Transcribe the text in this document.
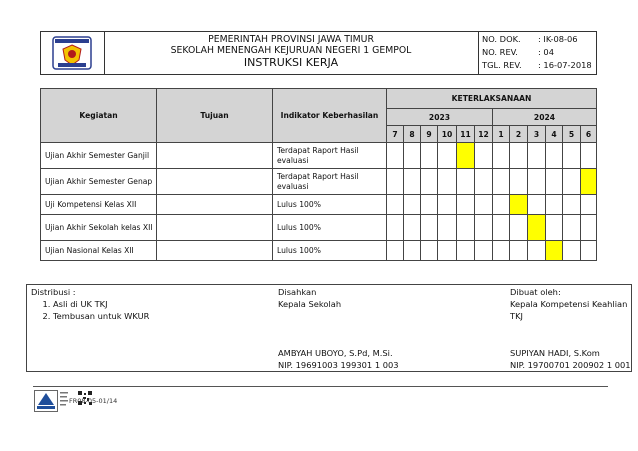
PEMERINTAH PROVINSI JAWA TIMUR
SEKOLAH MENENGAH KEJURUAN NEGERI 1 GEMPOL
INSTRUKSI KERJA
NO. DOK. : IK-08-06
NO. REV. : 04
TGL. REV. : 16-07-2018
Kegiatan	Tujuan	Indikator Keberhasilan	KETERLAKSANAAN											
			2023						2024					
			7	8	9	10	11	12	1	2	3	4	5	6
Ujian Akhir Semester Ganjil		Terdapat Raport Hasil evaluasi												
Ujian Akhir Semester Genap		Terdapat Raport Hasil evaluasi												
Uji Kompetensi Kelas XII		Lulus 100%												
Ujian Akhir Sekolah kelas XII		Lulus 100%												
Ujian Nasional Kelas XII		Lulus 100%												
Distribusi :
1. Asli di UK TKJ
2. Tembusan untuk WKUR
Disahkan
Kepala Sekolah
AMBYAH UBOYO, S.Pd, M.Si.
NIP. 19691003 199301 1 003
Dibuat oleh:
Kepala Kompetensi Keahlian TKJ
SUPIYAN HADI, S.Kom
NIP. 19700701 200902 1 001
FR08-05-01/14
